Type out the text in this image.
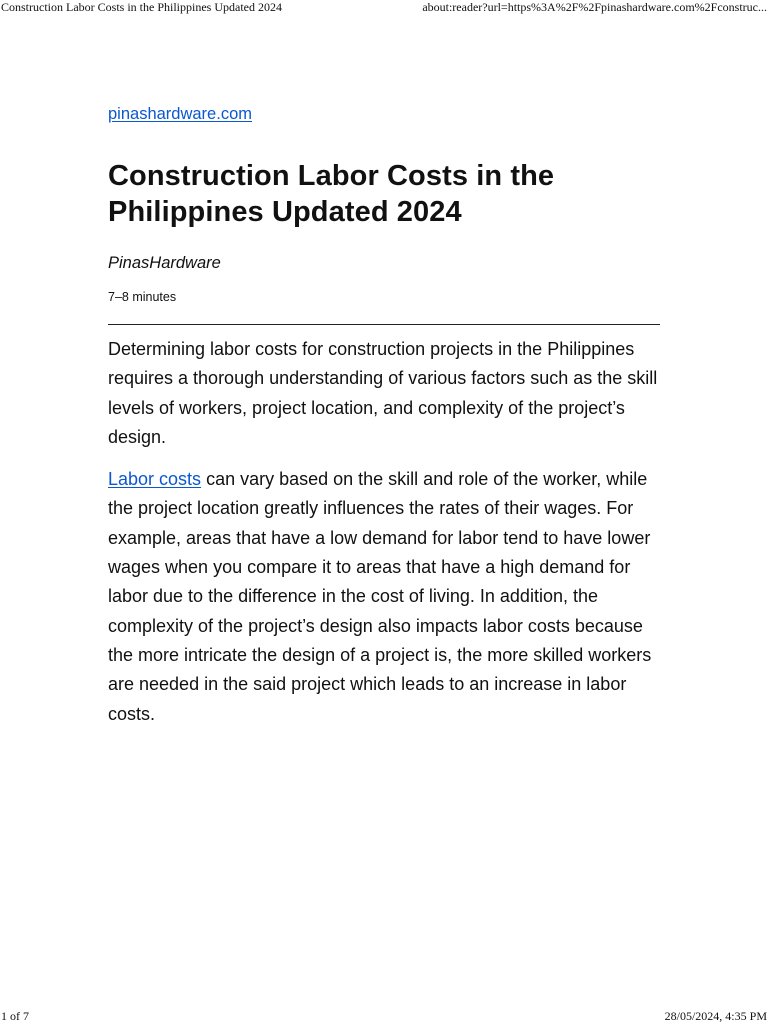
Construction Labor Costs in the Philippines Updated 2024	about:reader?url=https%3A%2F%2Fpinashardware.com%2Fconstruc...
pinashardware.com
Construction Labor Costs in the Philippines Updated 2024
PinasHardware
7–8 minutes

Determining labor costs for construction projects in the Philippines requires a thorough understanding of various factors such as the skill levels of workers, project location, and complexity of the project’s design.

Labor costs can vary based on the skill and role of the worker, while the project location greatly influences the rates of their wages. For example, areas that have a low demand for labor tend to have lower wages when you compare it to areas that have a high demand for labor due to the difference in the cost of living. In addition, the complexity of the project’s design also impacts labor costs because the more intricate the design of a project is, the more skilled workers are needed in the said project which leads to an increase in labor costs.

1 of 7	28/05/2024, 4:35 PM
